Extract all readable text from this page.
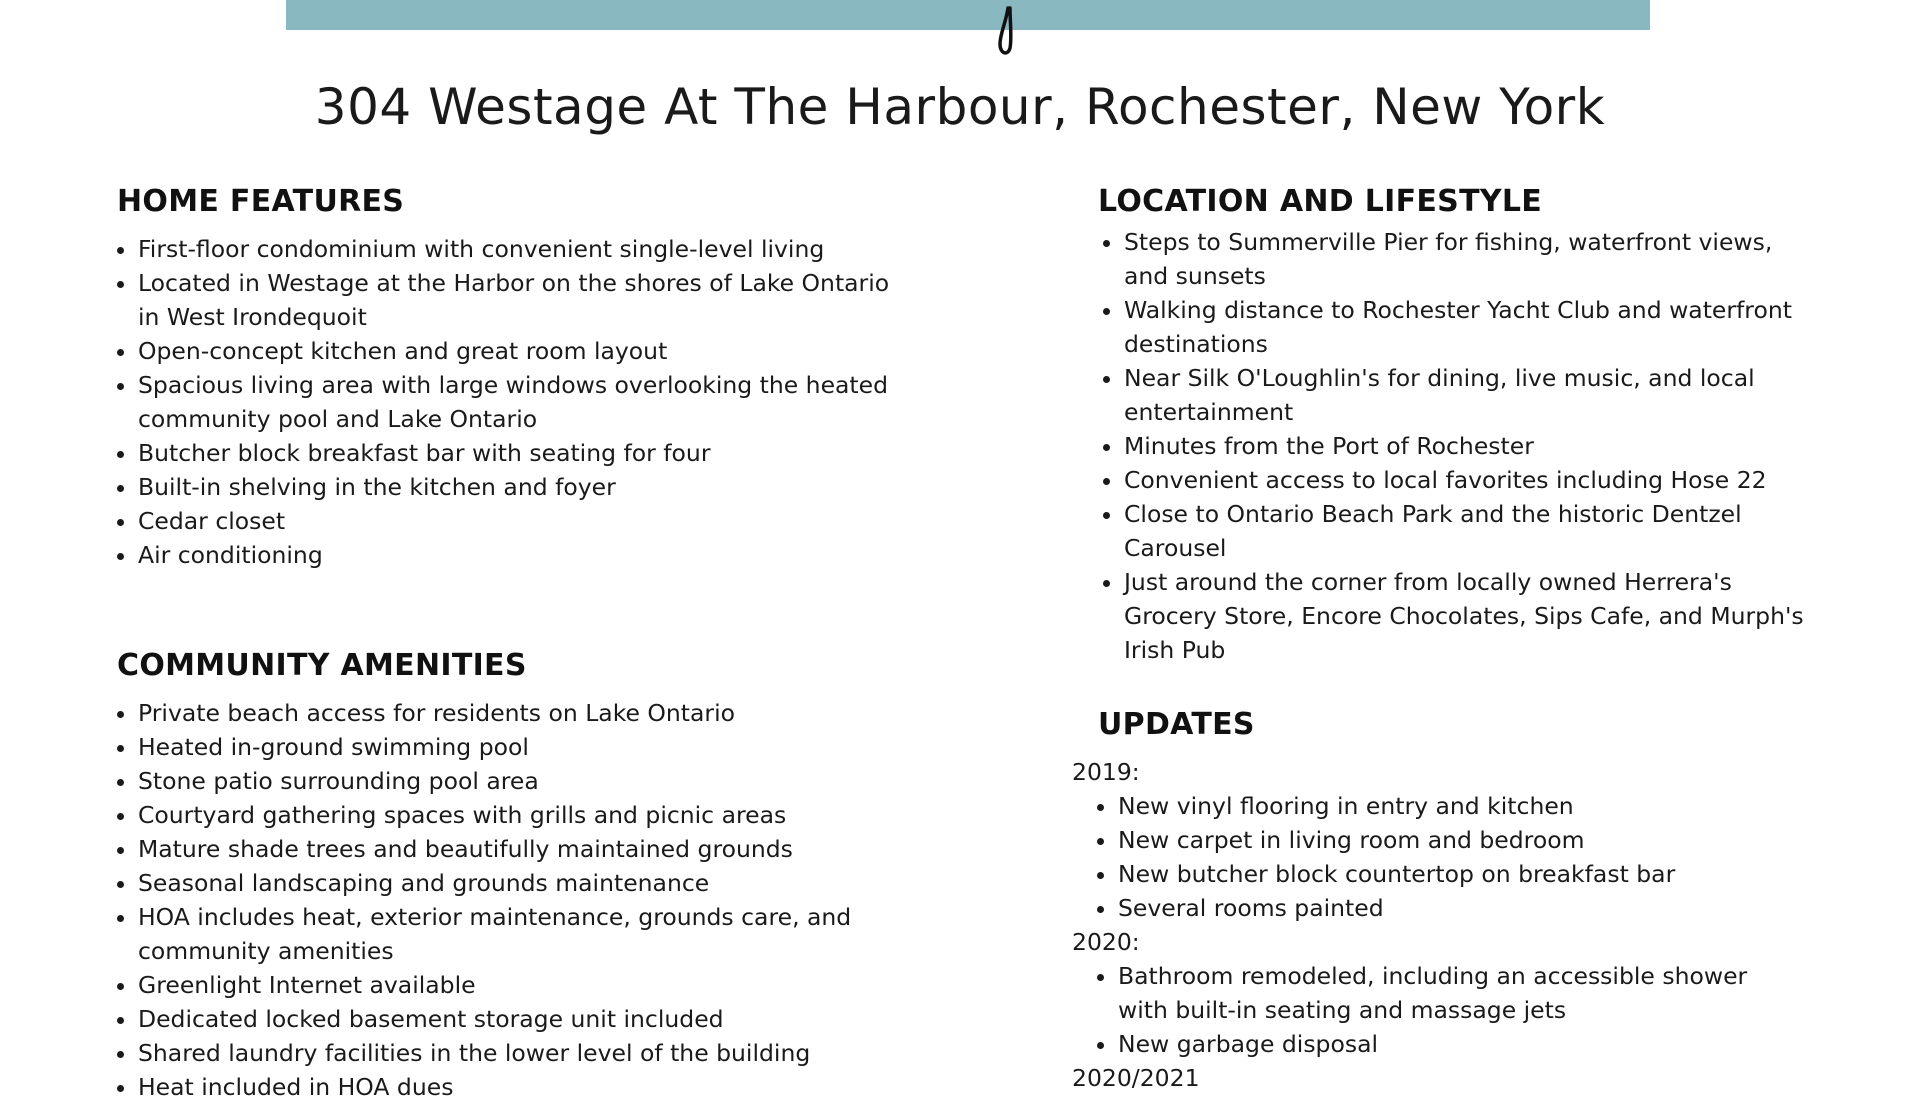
304 Westage At The Harbour, Rochester, New York
HOME FEATURES
• First-floor condominium with convenient single-level living
• Located in Westage at the Harbor on the shores of Lake Ontario in West Irondequoit
• Open-concept kitchen and great room layout
• Spacious living area with large windows overlooking the heated community pool and Lake Ontario
• Butcher block breakfast bar with seating for four
• Built-in shelving in the kitchen and foyer
• Cedar closet
• Air conditioning
COMMUNITY AMENITIES
• Private beach access for residents on Lake Ontario
• Heated in-ground swimming pool
• Stone patio surrounding pool area
• Courtyard gathering spaces with grills and picnic areas
• Mature shade trees and beautifully maintained grounds
• Seasonal landscaping and grounds maintenance
• HOA includes heat, exterior maintenance, grounds care, and community amenities
• Greenlight Internet available
• Dedicated locked basement storage unit included
• Shared laundry facilities in the lower level of the building
• Heat included in HOA dues
LOCATION AND LIFESTYLE
• Steps to Summerville Pier for fishing, waterfront views, and sunsets
• Walking distance to Rochester Yacht Club and waterfront destinations
• Near Silk O'Loughlin's for dining, live music, and local entertainment
• Minutes from the Port of Rochester
• Convenient access to local favorites including Hose 22
• Close to Ontario Beach Park and the historic Dentzel Carousel
• Just around the corner from locally owned Herrera's Grocery Store, Encore Chocolates, Sips Cafe, and Murph's Irish Pub
UPDATES
2019:
• New vinyl flooring in entry and kitchen
• New carpet in living room and bedroom
• New butcher block countertop on breakfast bar
• Several rooms painted
2020:
• Bathroom remodeled, including an accessible shower with built-in seating and massage jets
• New garbage disposal
2020/2021
